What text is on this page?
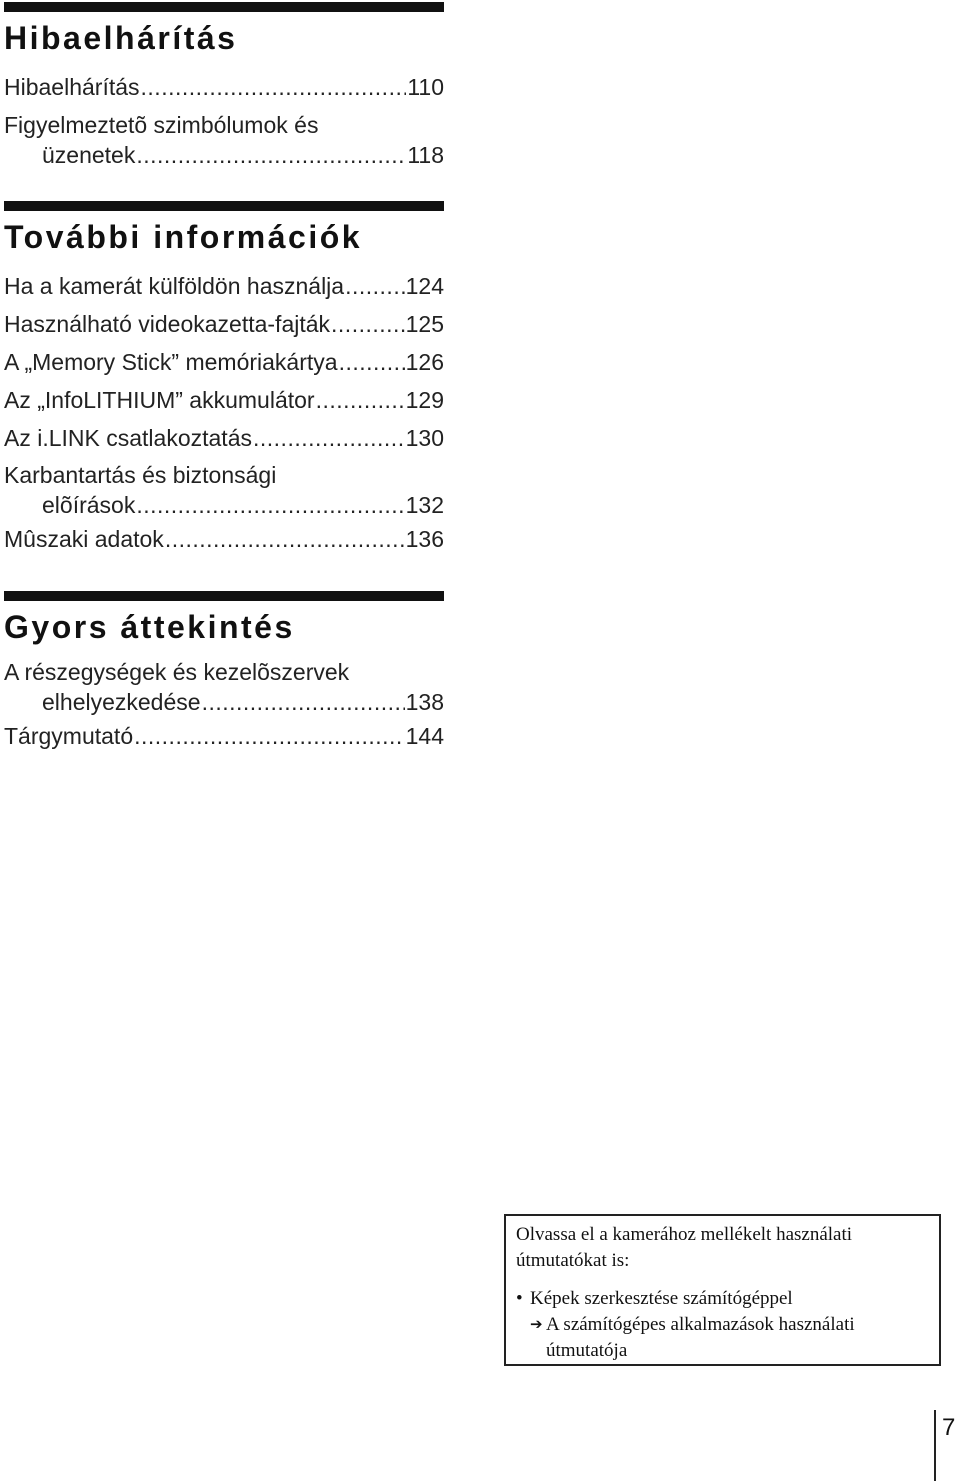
Hibaelhárítás
Hibaelhárítás .....	110
Figyelmeztetõ szimbólumok és
üzenetek .....	118
További információk
Ha a kamerát külföldön használja .....	124
Használható videokazetta-fajták .....	125
A „Memory Stick” memóriakártya .....	126
Az „InfoLITHIUM” akkumulátor .....	129
Az i.LINK csatlakoztatás .....	130
Karbantartás és biztonsági
elõírások .....	132
Mûszaki adatok .....	136
Gyors áttekintés
A részegységek és kezelõszervek
elhelyezkedése .....	138
Tárgymutató .....	144
Olvassa el a kamerához mellékelt használati
útmutatókat is:
• Képek szerkesztése számítógéppel
➔ A számítógépes alkalmazások használati
útmutatója
7
